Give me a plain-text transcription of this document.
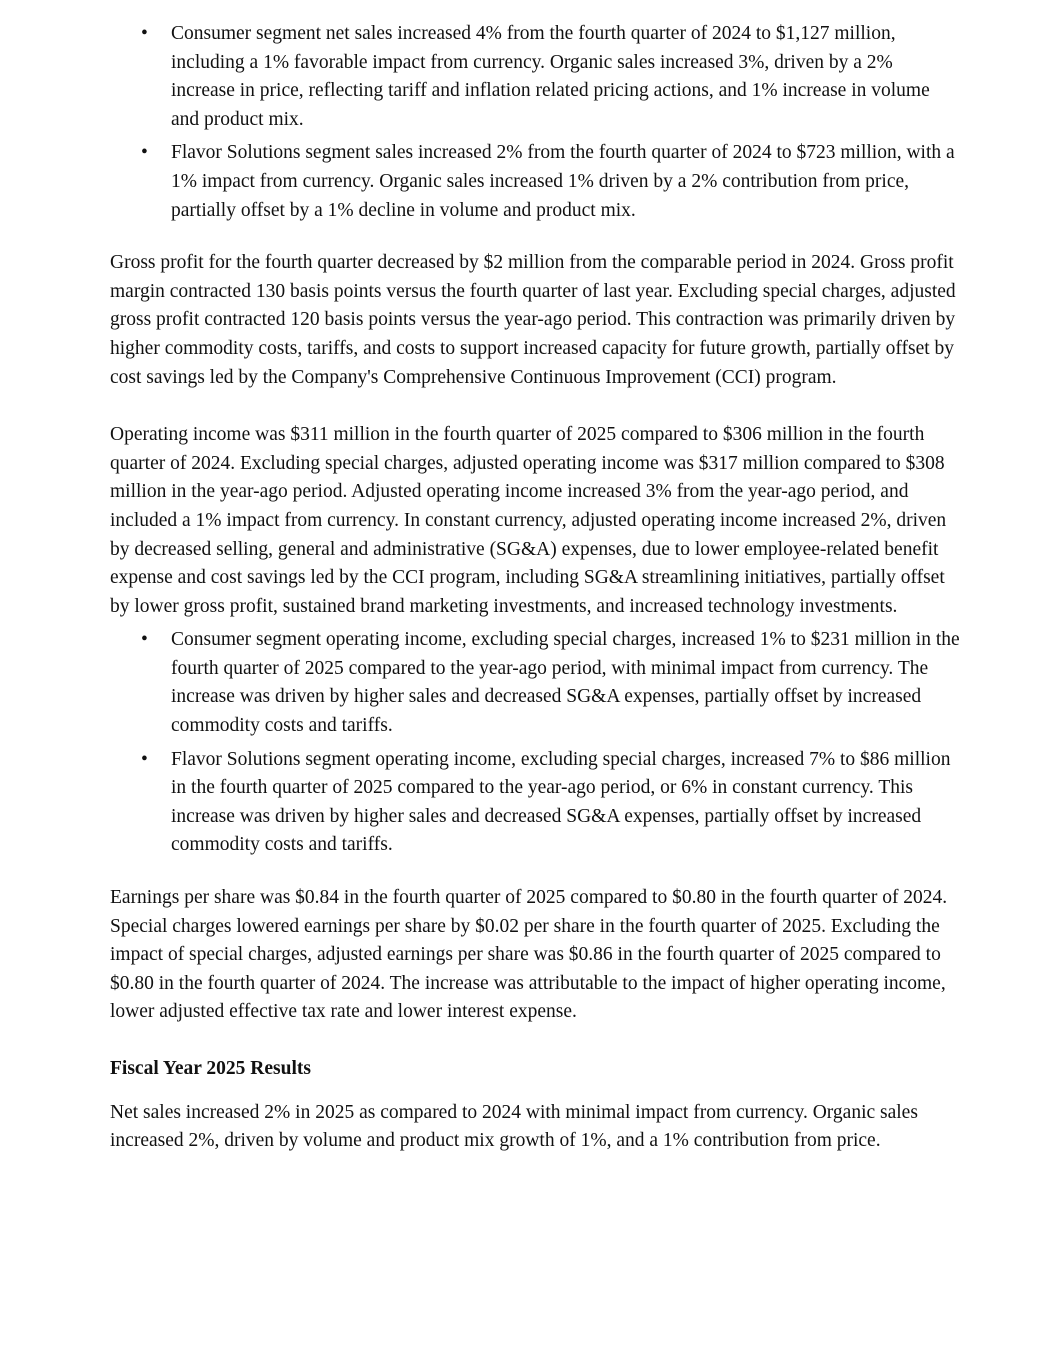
• Consumer segment net sales increased 4% from the fourth quarter of 2024 to $1,127 million, including a 1% favorable impact from currency. Organic sales increased 3%, driven by a 2% increase in price, reflecting tariff and inflation related pricing actions, and 1% increase in volume and product mix.
• Flavor Solutions segment sales increased 2% from the fourth quarter of 2024 to $723 million, with a 1% impact from currency. Organic sales increased 1% driven by a 2% contribution from price, partially offset by a 1% decline in volume and product mix.

Gross profit for the fourth quarter decreased by $2 million from the comparable period in 2024. Gross profit margin contracted 130 basis points versus the fourth quarter of last year. Excluding special charges, adjusted gross profit contracted 120 basis points versus the year-ago period. This contraction was primarily driven by higher commodity costs, tariffs, and costs to support increased capacity for future growth, partially offset by cost savings led by the Company's Comprehensive Continuous Improvement (CCI) program.

Operating income was $311 million in the fourth quarter of 2025 compared to $306 million in the fourth quarter of 2024. Excluding special charges, adjusted operating income was $317 million compared to $308 million in the year-ago period. Adjusted operating income increased 3% from the year-ago period, and included a 1% impact from currency. In constant currency, adjusted operating income increased 2%, driven by decreased selling, general and administrative (SG&A) expenses, due to lower employee-related benefit expense and cost savings led by the CCI program, including SG&A streamlining initiatives, partially offset by lower gross profit, sustained brand marketing investments, and increased technology investments.

• Consumer segment operating income, excluding special charges, increased 1% to $231 million in the fourth quarter of 2025 compared to the year-ago period, with minimal impact from currency. The increase was driven by higher sales and decreased SG&A expenses, partially offset by increased commodity costs and tariffs.
• Flavor Solutions segment operating income, excluding special charges, increased 7% to $86 million in the fourth quarter of 2025 compared to the year-ago period, or 6% in constant currency. This increase was driven by higher sales and decreased SG&A expenses, partially offset by increased commodity costs and tariffs.

Earnings per share was $0.84 in the fourth quarter of 2025 compared to $0.80 in the fourth quarter of 2024. Special charges lowered earnings per share by $0.02 per share in the fourth quarter of 2025. Excluding the impact of special charges, adjusted earnings per share was $0.86 in the fourth quarter of 2025 compared to $0.80 in the fourth quarter of 2024. The increase was attributable to the impact of higher operating income, lower adjusted effective tax rate and lower interest expense.

Fiscal Year 2025 Results

Net sales increased 2% in 2025 as compared to 2024 with minimal impact from currency. Organic sales increased 2%, driven by volume and product mix growth of 1%, and a 1% contribution from price.
